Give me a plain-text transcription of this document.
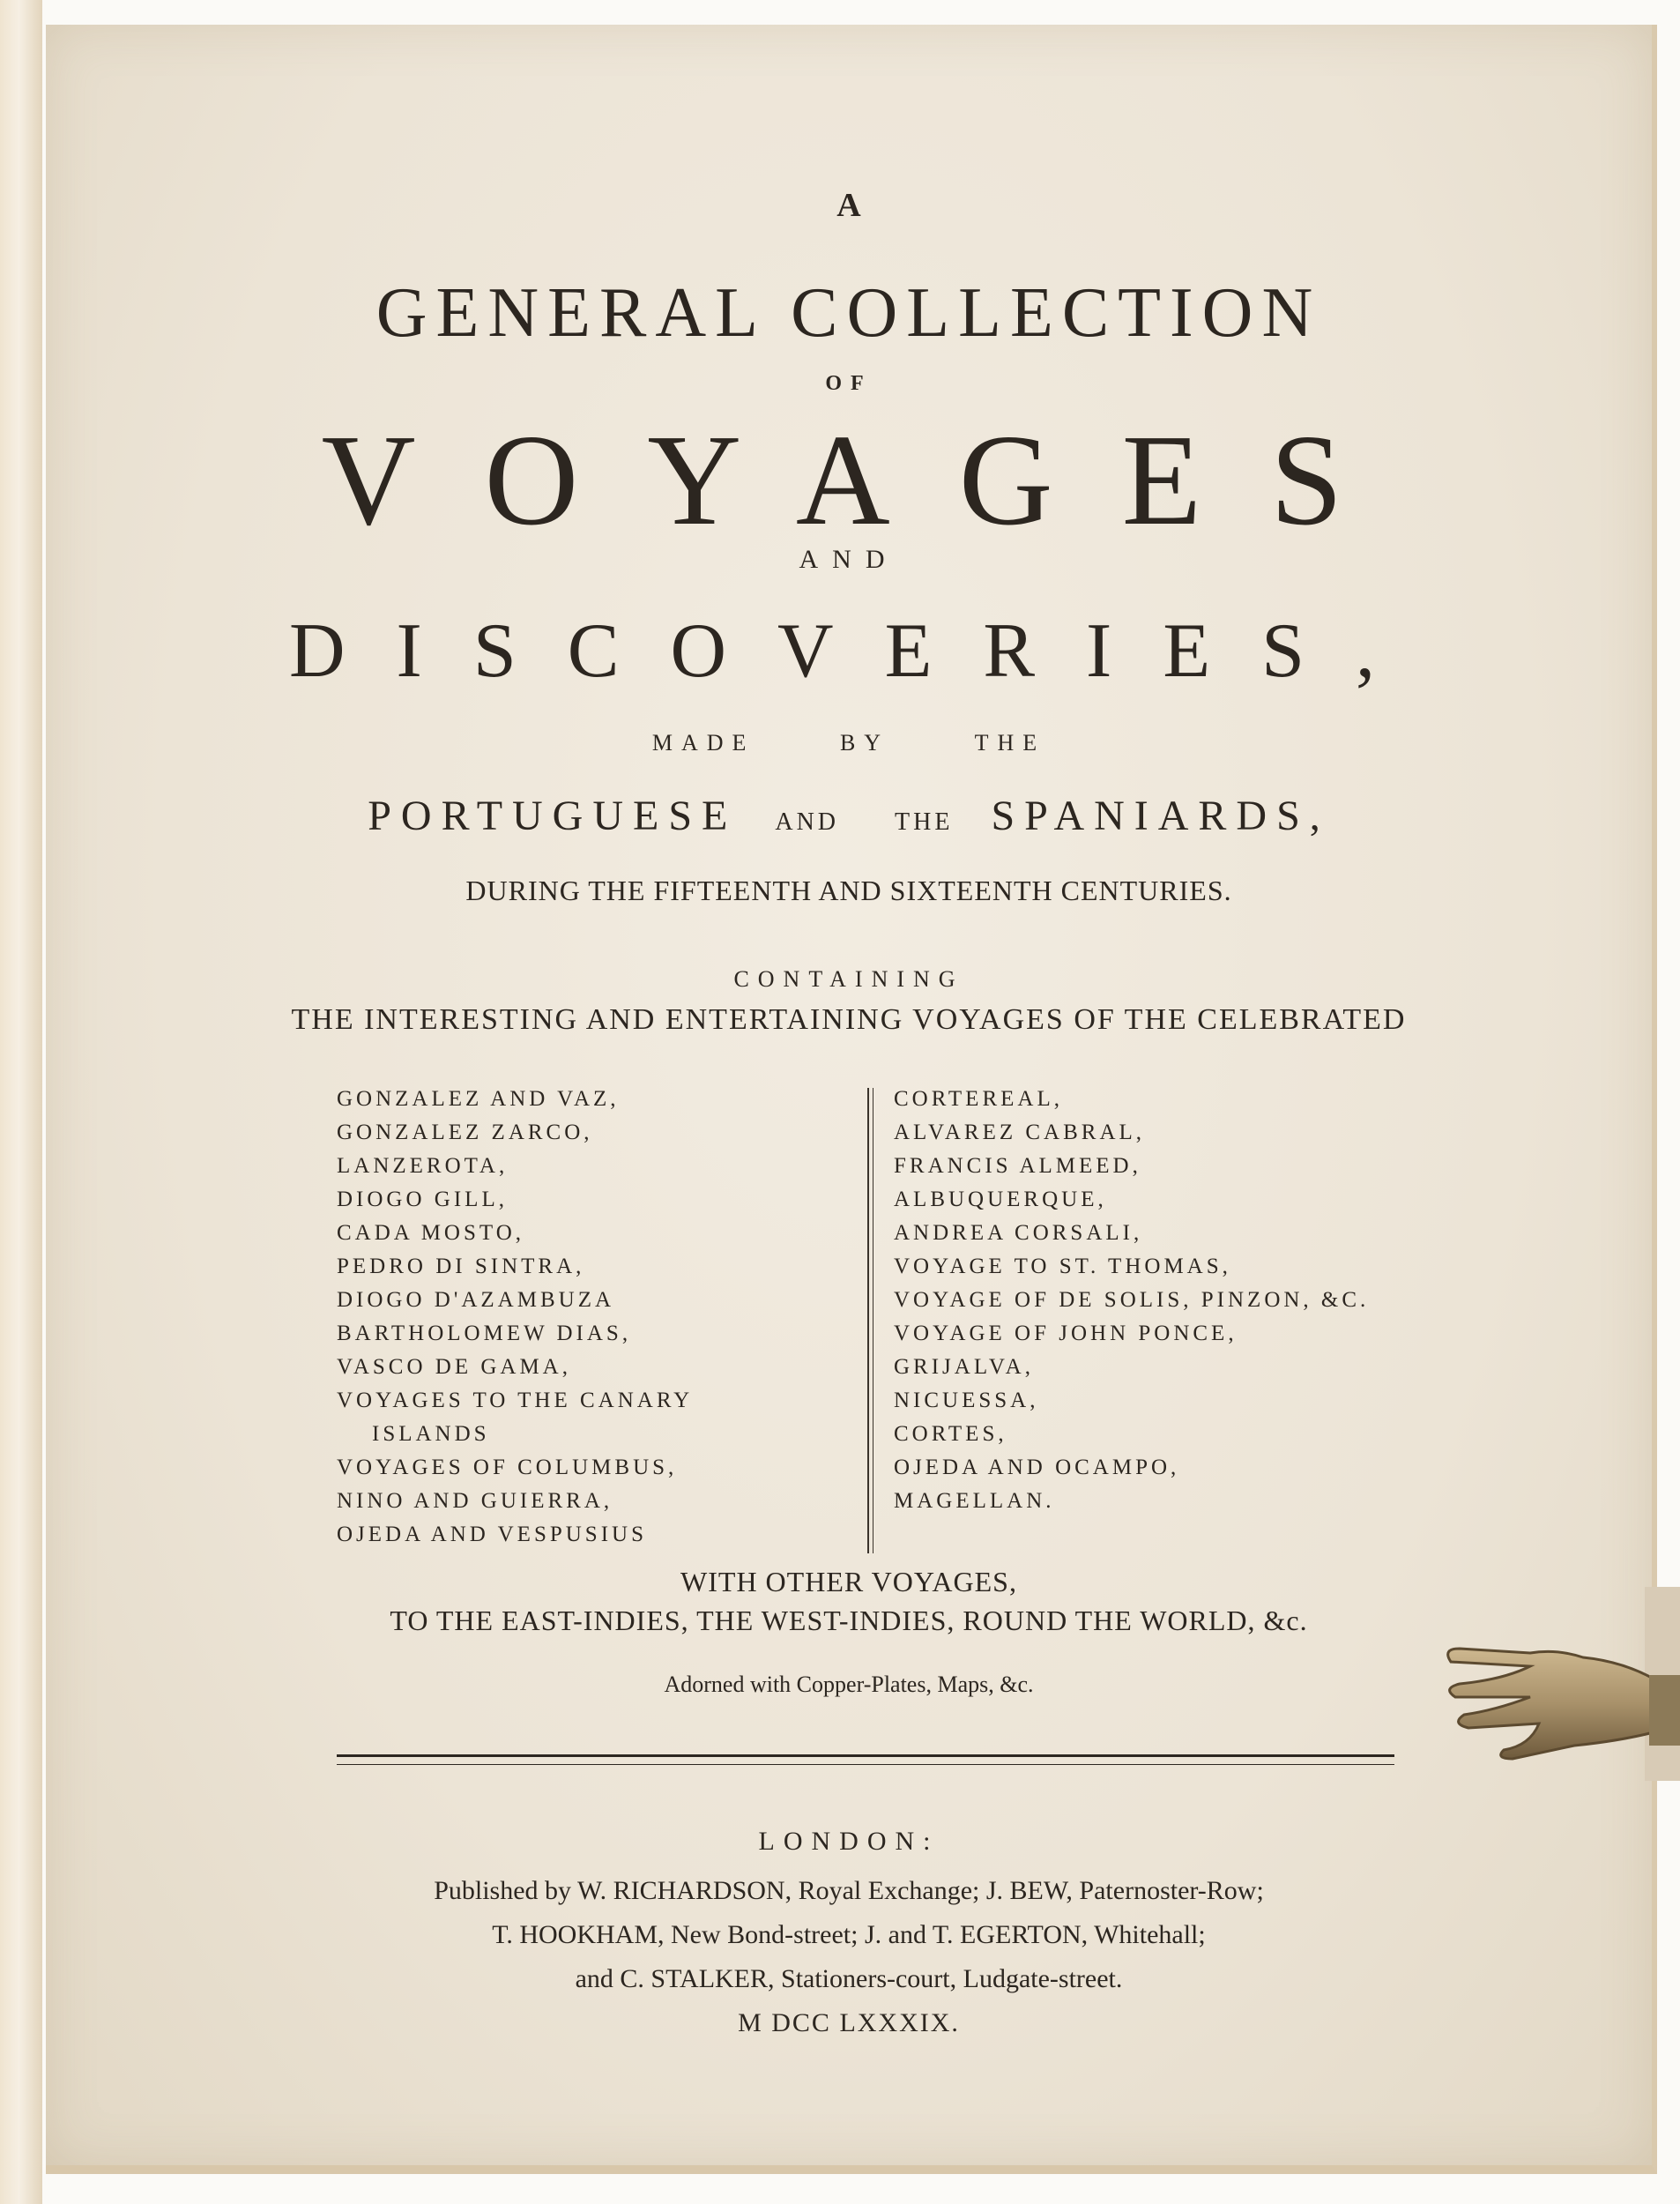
A
GENERAL COLLECTION
OF
VOYAGES
AND
DISCOVERIES,
MADE	BY	THE
PORTUGUESE AND THE SPANIARDS,
DURING THE FIFTEENTH AND SIXTEENTH CENTURIES.
CONTAINING
THE INTERESTING AND ENTERTAINING VOYAGES OF THE CELEBRATED
GONZALEZ AND VAZ,
GONZALEZ ZARCO,
LANZEROTA,
DIOGO GILL,
CADA MOSTO,
PEDRO DI SINTRA,
DIOGO D'AZAMBUZA
BARTHOLOMEW DIAS,
VASCO DE GAMA,
VOYAGES TO THE CANARY
ISLANDS
VOYAGES OF COLUMBUS,
NINO AND GUIERRA,
OJEDA AND VESPUSIUS
CORTEREAL,
ALVAREZ CABRAL,
FRANCIS ALMEED,
ALBUQUERQUE,
ANDREA CORSALI,
VOYAGE TO ST. THOMAS,
VOYAGE OF DE SOLIS, PINZON, &C.
VOYAGE OF JOHN PONCE,
GRIJALVA,
NICUESSA,
CORTES,
OJEDA AND OCAMPO,
MAGELLAN.
WITH OTHER VOYAGES,
TO THE EAST-INDIES, THE WEST-INDIES, ROUND THE WORLD, &c.
Adorned with Copper-Plates, Maps, &c.
LONDON:
Published by W. RICHARDSON, Royal Exchange; J. BEW, Paternoster-Row;
T. HOOKHAM, New Bond-street; J. and T. EGERTON, Whitehall;
and C. STALKER, Stationers-court, Ludgate-street.
M DCC LXXXIX.
